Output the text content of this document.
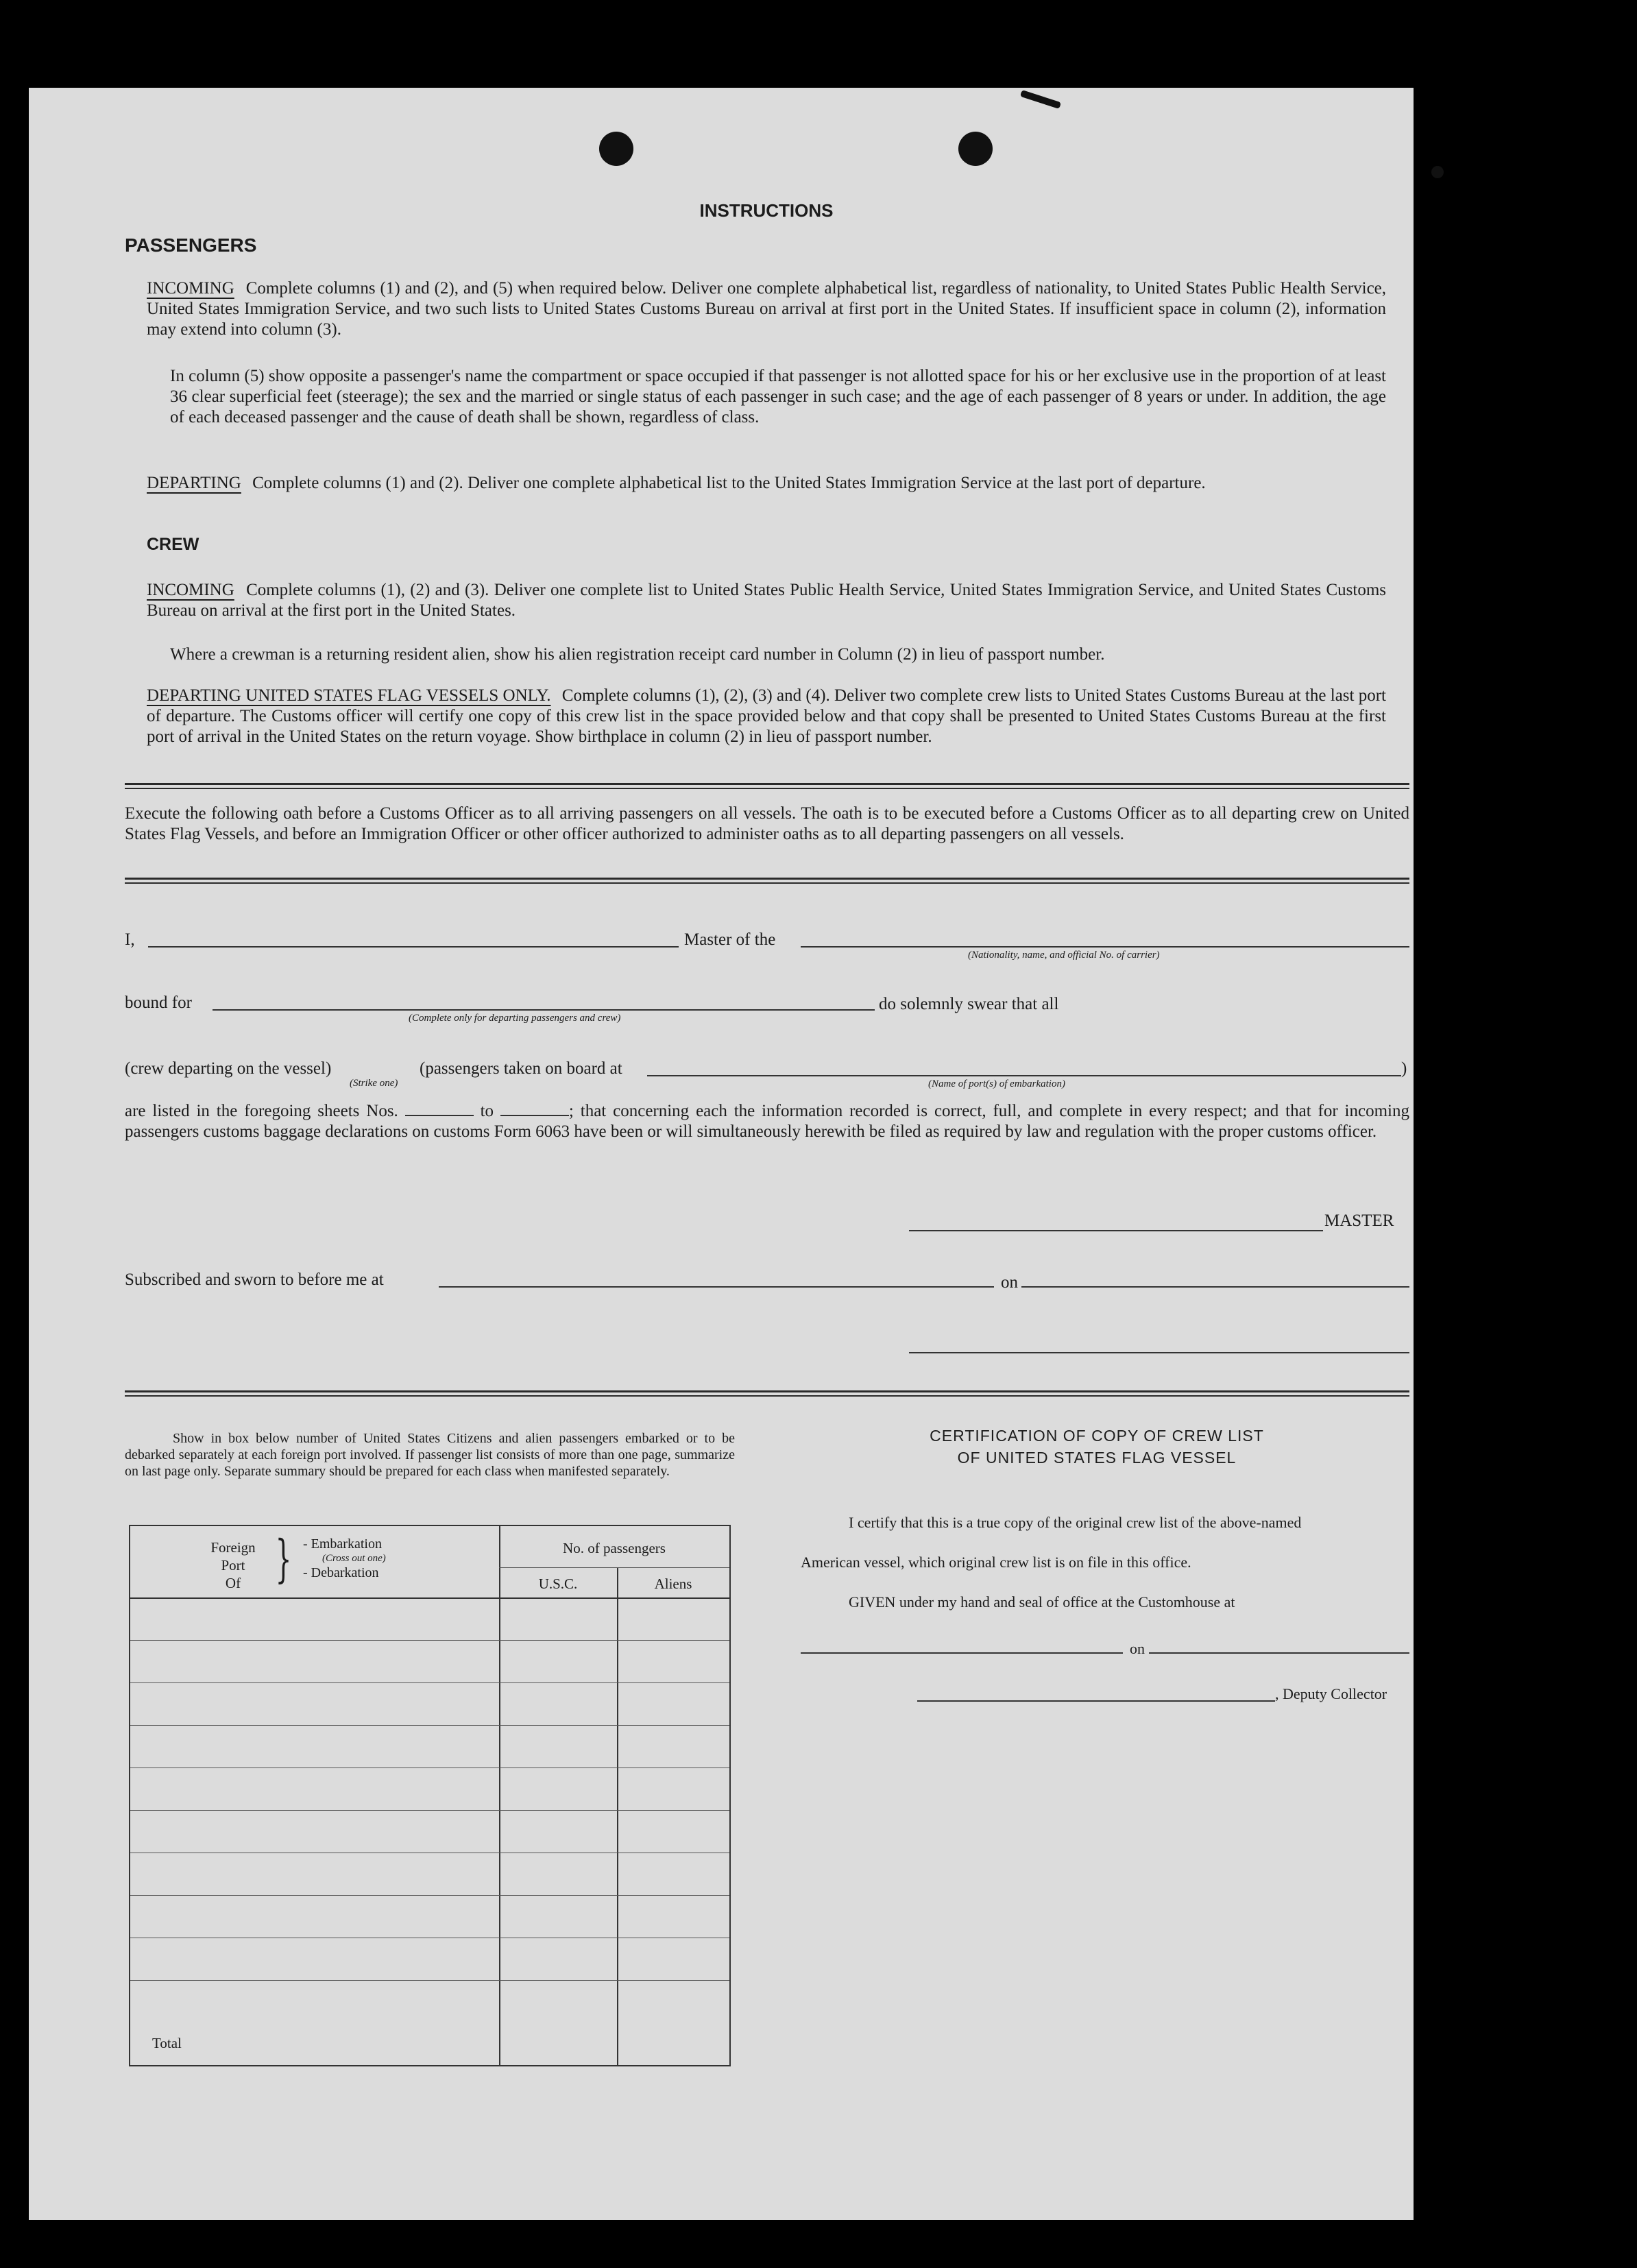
INSTRUCTIONS
PASSENGERS
INCOMING Complete columns (1) and (2), and (5) when required below. Deliver one complete alphabetical list, regardless of nationality, to United States Public Health Service, United States Immigration Service, and two such lists to United States Customs Bureau on arrival at first port in the United States. If insufficient space in column (2), information may extend into column (3).
In column (5) show opposite a passenger's name the compartment or space occupied if that passenger is not allotted space for his or her exclusive use in the proportion of at least 36 clear superficial feet (steerage); the sex and the married or single status of each passenger in such case; and the age of each passenger of 8 years or under. In addition, the age of each deceased passenger and the cause of death shall be shown, regardless of class.
DEPARTING Complete columns (1) and (2). Deliver one complete alphabetical list to the United States Immigration Service at the last port of departure.
CREW
INCOMING Complete columns (1), (2) and (3). Deliver one complete list to United States Public Health Service, United States Immigration Service, and United States Customs Bureau on arrival at the first port in the United States.
Where a crewman is a returning resident alien, show his alien registration receipt card number in Column (2) in lieu of passport number.
DEPARTING UNITED STATES FLAG VESSELS ONLY. Complete columns (1), (2), (3) and (4). Deliver two complete crew lists to United States Customs Bureau at the last port of departure. The Customs officer will certify one copy of this crew list in the space provided below and that copy shall be presented to United States Customs Bureau at the first port of arrival in the United States on the return voyage. Show birthplace in column (2) in lieu of passport number.
Execute the following oath before a Customs Officer as to all arriving passengers on all vessels. The oath is to be executed before a Customs Officer as to all departing crew on United States Flag Vessels, and before an Immigration Officer or other officer authorized to administer oaths as to all departing passengers on all vessels.
I,	Master of the
(Nationality, name, and official No. of carrier)
bound for
(Complete only for departing passengers and crew)
do solemnly swear that all
(crew departing on the vessel)
(Strike one)
(passengers taken on board at
(Name of port(s) of embarkation)
)
are listed in the foregoing sheets Nos.	to	; that concerning each the information recorded is correct, full, and complete in every respect; and that for incoming passengers customs baggage declarations on customs Form 6063 have been or will simultaneously herewith be filed as required by law and regulation with the proper customs officer.
MASTER
Subscribed and sworn to before me at	on
Show in box below number of United States Citizens and alien passengers embarked or to be debarked separately at each foreign port involved. If passenger list consists of more than one page, summarize on last page only. Separate summary should be prepared for each class when manifested separately.
Foreign
Port
Of } - Embarkation
(Cross out one)
- Debarkation
No. of passengers
U.S.C.	Aliens
Total
CERTIFICATION OF COPY OF CREW LIST
OF UNITED STATES FLAG VESSEL
I certify that this is a true copy of the original crew list of the above-named
American vessel, which original crew list is on file in this office.
GIVEN under my hand and seal of office at the Customhouse at
on
, Deputy Collector
